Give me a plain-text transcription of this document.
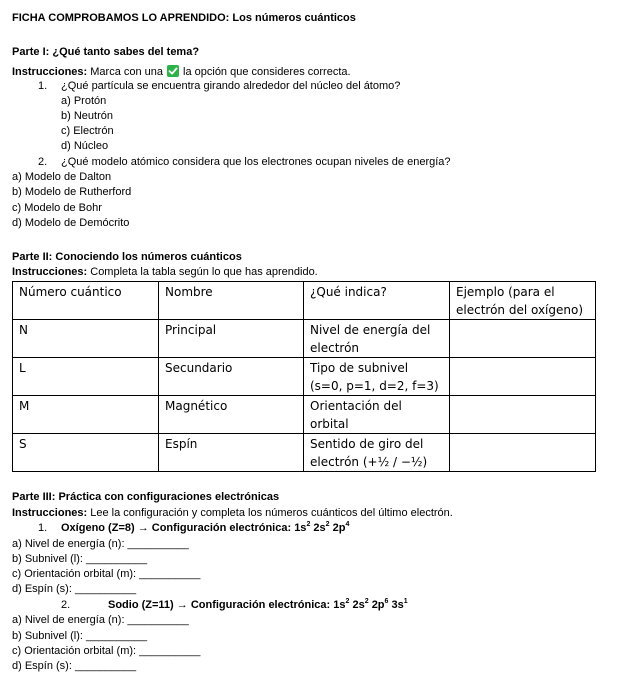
FICHA COMPROBAMOS LO APRENDIDO: Los números cuánticos
Parte I: ¿Qué tanto sabes del tema?
Instrucciones: Marca con una la opción que consideres correcta.
1. ¿Qué partícula se encuentra girando alrededor del núcleo del átomo?
a) Protón
b) Neutrón
c) Electrón
d) Núcleo
2. ¿Qué modelo atómico considera que los electrones ocupan niveles de energía?
a) Modelo de Dalton
b) Modelo de Rutherford
c) Modelo de Bohr
d) Modelo de Demócrito
Parte II: Conociendo los números cuánticos
Instrucciones: Completa la tabla según lo que has aprendido.
Número cuántico	Nombre	¿Qué indica?	Ejemplo (para el electrón del oxígeno)
N	Principal	Nivel de energía del electrón	
L	Secundario	Tipo de subnivel (s=0, p=1, d=2, f=3)	
M	Magnético	Orientación del orbital	
S	Espín	Sentido de giro del electrón (+½ / −½)	
Parte III: Práctica con configuraciones electrónicas
Instrucciones: Lee la configuración y completa los números cuánticos del último electrón.
1. Oxígeno (Z=8) → Configuración electrónica: $1s^2$ $2s^2$ $2p^4$
a) Nivel de energía (n): __________
b) Subnivel (l): __________
c) Orientación orbital (m): __________
d) Espín (s): __________
2.	Sodio (Z=11) → Configuración electrónica: $1s^2$ $2s^2$ $2p^6$ $3s^1$
a) Nivel de energía (n): __________
b) Subnivel (l): __________
c) Orientación orbital (m): __________
d) Espín (s): __________
